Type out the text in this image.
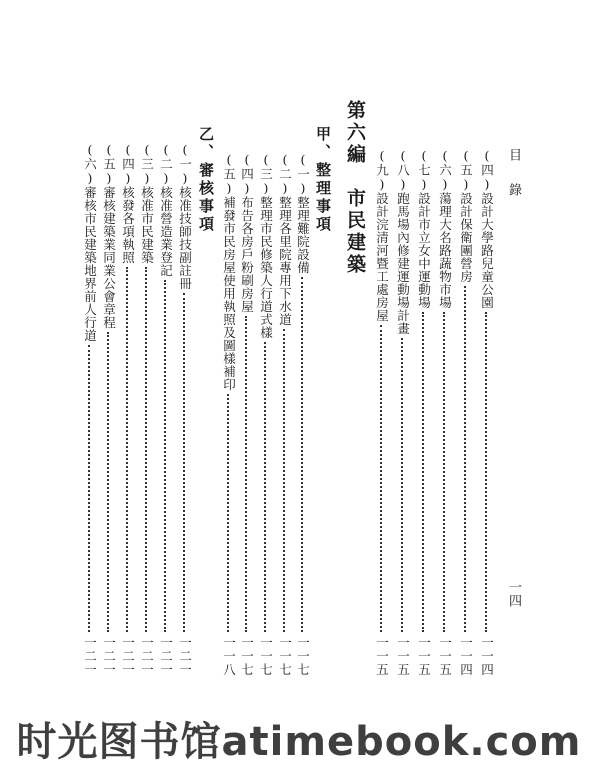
目錄
一四
(四)設計大學路兒童公園
一一四
(五)設計保衛團營房
一一四
(六)蕩理大名路蔬物市場
一一五
(七)設計市立女中運動場
一一五
(八)跑馬場內修建運動場計畫
一一五
(九)設計浣清河暨工處房屋
一一五
第六編　市民建築
甲、整理事項
(一)整理難院設備
一一七
(二)整理各里院專用下水道
一一七
(三)整理市民修築人行道式樣
一一七
(四)布告各房戶粉刷房屋
一一七
(五)補發市民房屋使用執照及圖樣補印
一一八
乙、審核事項
(一)核准技師技副註冊
一二一
(二)核准營造業登記
一二一
(三)核准市民建築
一二一
(四)核發各項執照
一二一
(五)審核建築業同業公會章程
一二一
(六)審核市民建築地界前人行道
一二一
时光图书馆atimebook.com
